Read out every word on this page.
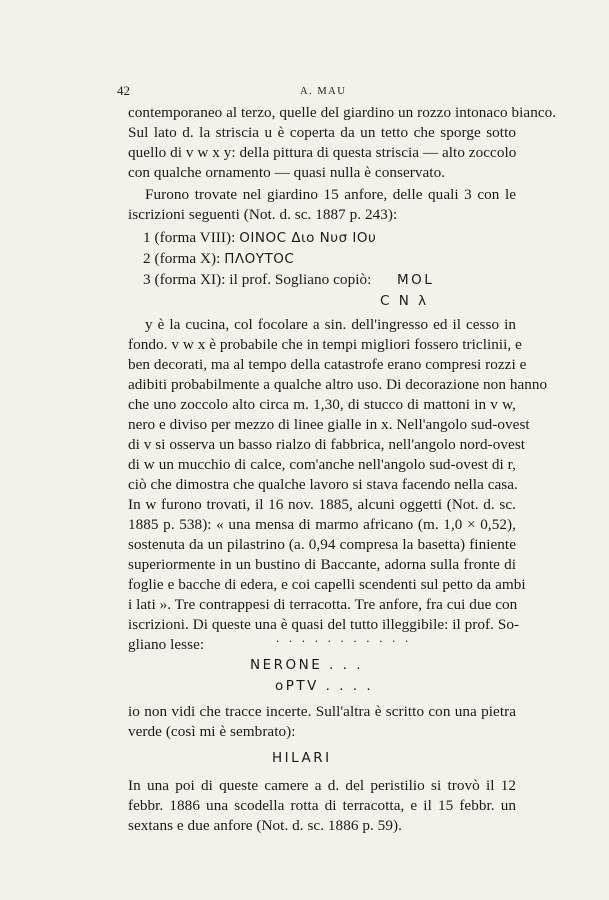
42	A. MAU
contemporaneo al terzo, quelle del giardino un rozzo intonaco bianco.
Sul lato d. la striscia u è coperta da un tetto che sporge sotto
quello di v w x y: della pittura di questa striscia — alto zoccolo
con qualche ornamento — quasi nulla è conservato.
Furono trovate nel giardino 15 anfore, delle quali 3 con le
iscrizioni seguenti (Not. d. sc. 1887 p. 243):
1 (forma VIII): ΟΙΝΟC Διο Νυσ ΙΟυ
2 (forma X): ΠΛΟΥΤΟC
3 (forma XI): il prof. Sogliano copiò: MOL
C N λ
y è la cucina, col focolare a sin. dell'ingresso ed il cesso in
fondo. v w x è probabile che in tempi migliori fossero triclinii, e
ben decorati, ma al tempo della catastrofe erano compresi rozzi e
adibiti probabilmente a qualche altro uso. Di decorazione non hanno
che uno zoccolo alto circa m. 1,30, di stucco di mattoni in v w,
nero e diviso per mezzo di linee gialle in x. Nell'angolo sud-ovest
di v si osserva un basso rialzo di fabbrica, nell'angolo nord-ovest
di w un mucchio di calce, com'anche nell'angolo sud-ovest di r,
ciò che dimostra che qualche lavoro si stava facendo nella casa.
In w furono trovati, il 16 nov. 1885, alcuni oggetti (Not. d. sc.
1885 p. 538): « una mensa di marmo africano (m. 1,0 × 0,52),
sostenuta da un pilastrino (a. 0,94 compresa la basetta) finiente
superiormente in un bustino di Baccante, adorna sulla fronte di
foglie e bacche di edera, e coi capelli scendenti sul petto da ambi
i lati ». Tre contrappesi di terracotta. Tre anfore, fra cui due con
iscrizioni. Di queste una è quasi del tutto illeggibile: il prof. So-
gliano lesse:	. . . . . . . . . . .
NERONE . . .
oPTV . . . .
io non vidi che tracce incerte. Sull'altra è scritto con una pietra
verde (così mi è sembrato):
HILARI
In una poi di queste camere a d. del peristilio si trovò il 12
febbr. 1886 una scodella rotta di terracotta, e il 15 febbr. un
sextans e due anfore (Not. d. sc. 1886 p. 59).
